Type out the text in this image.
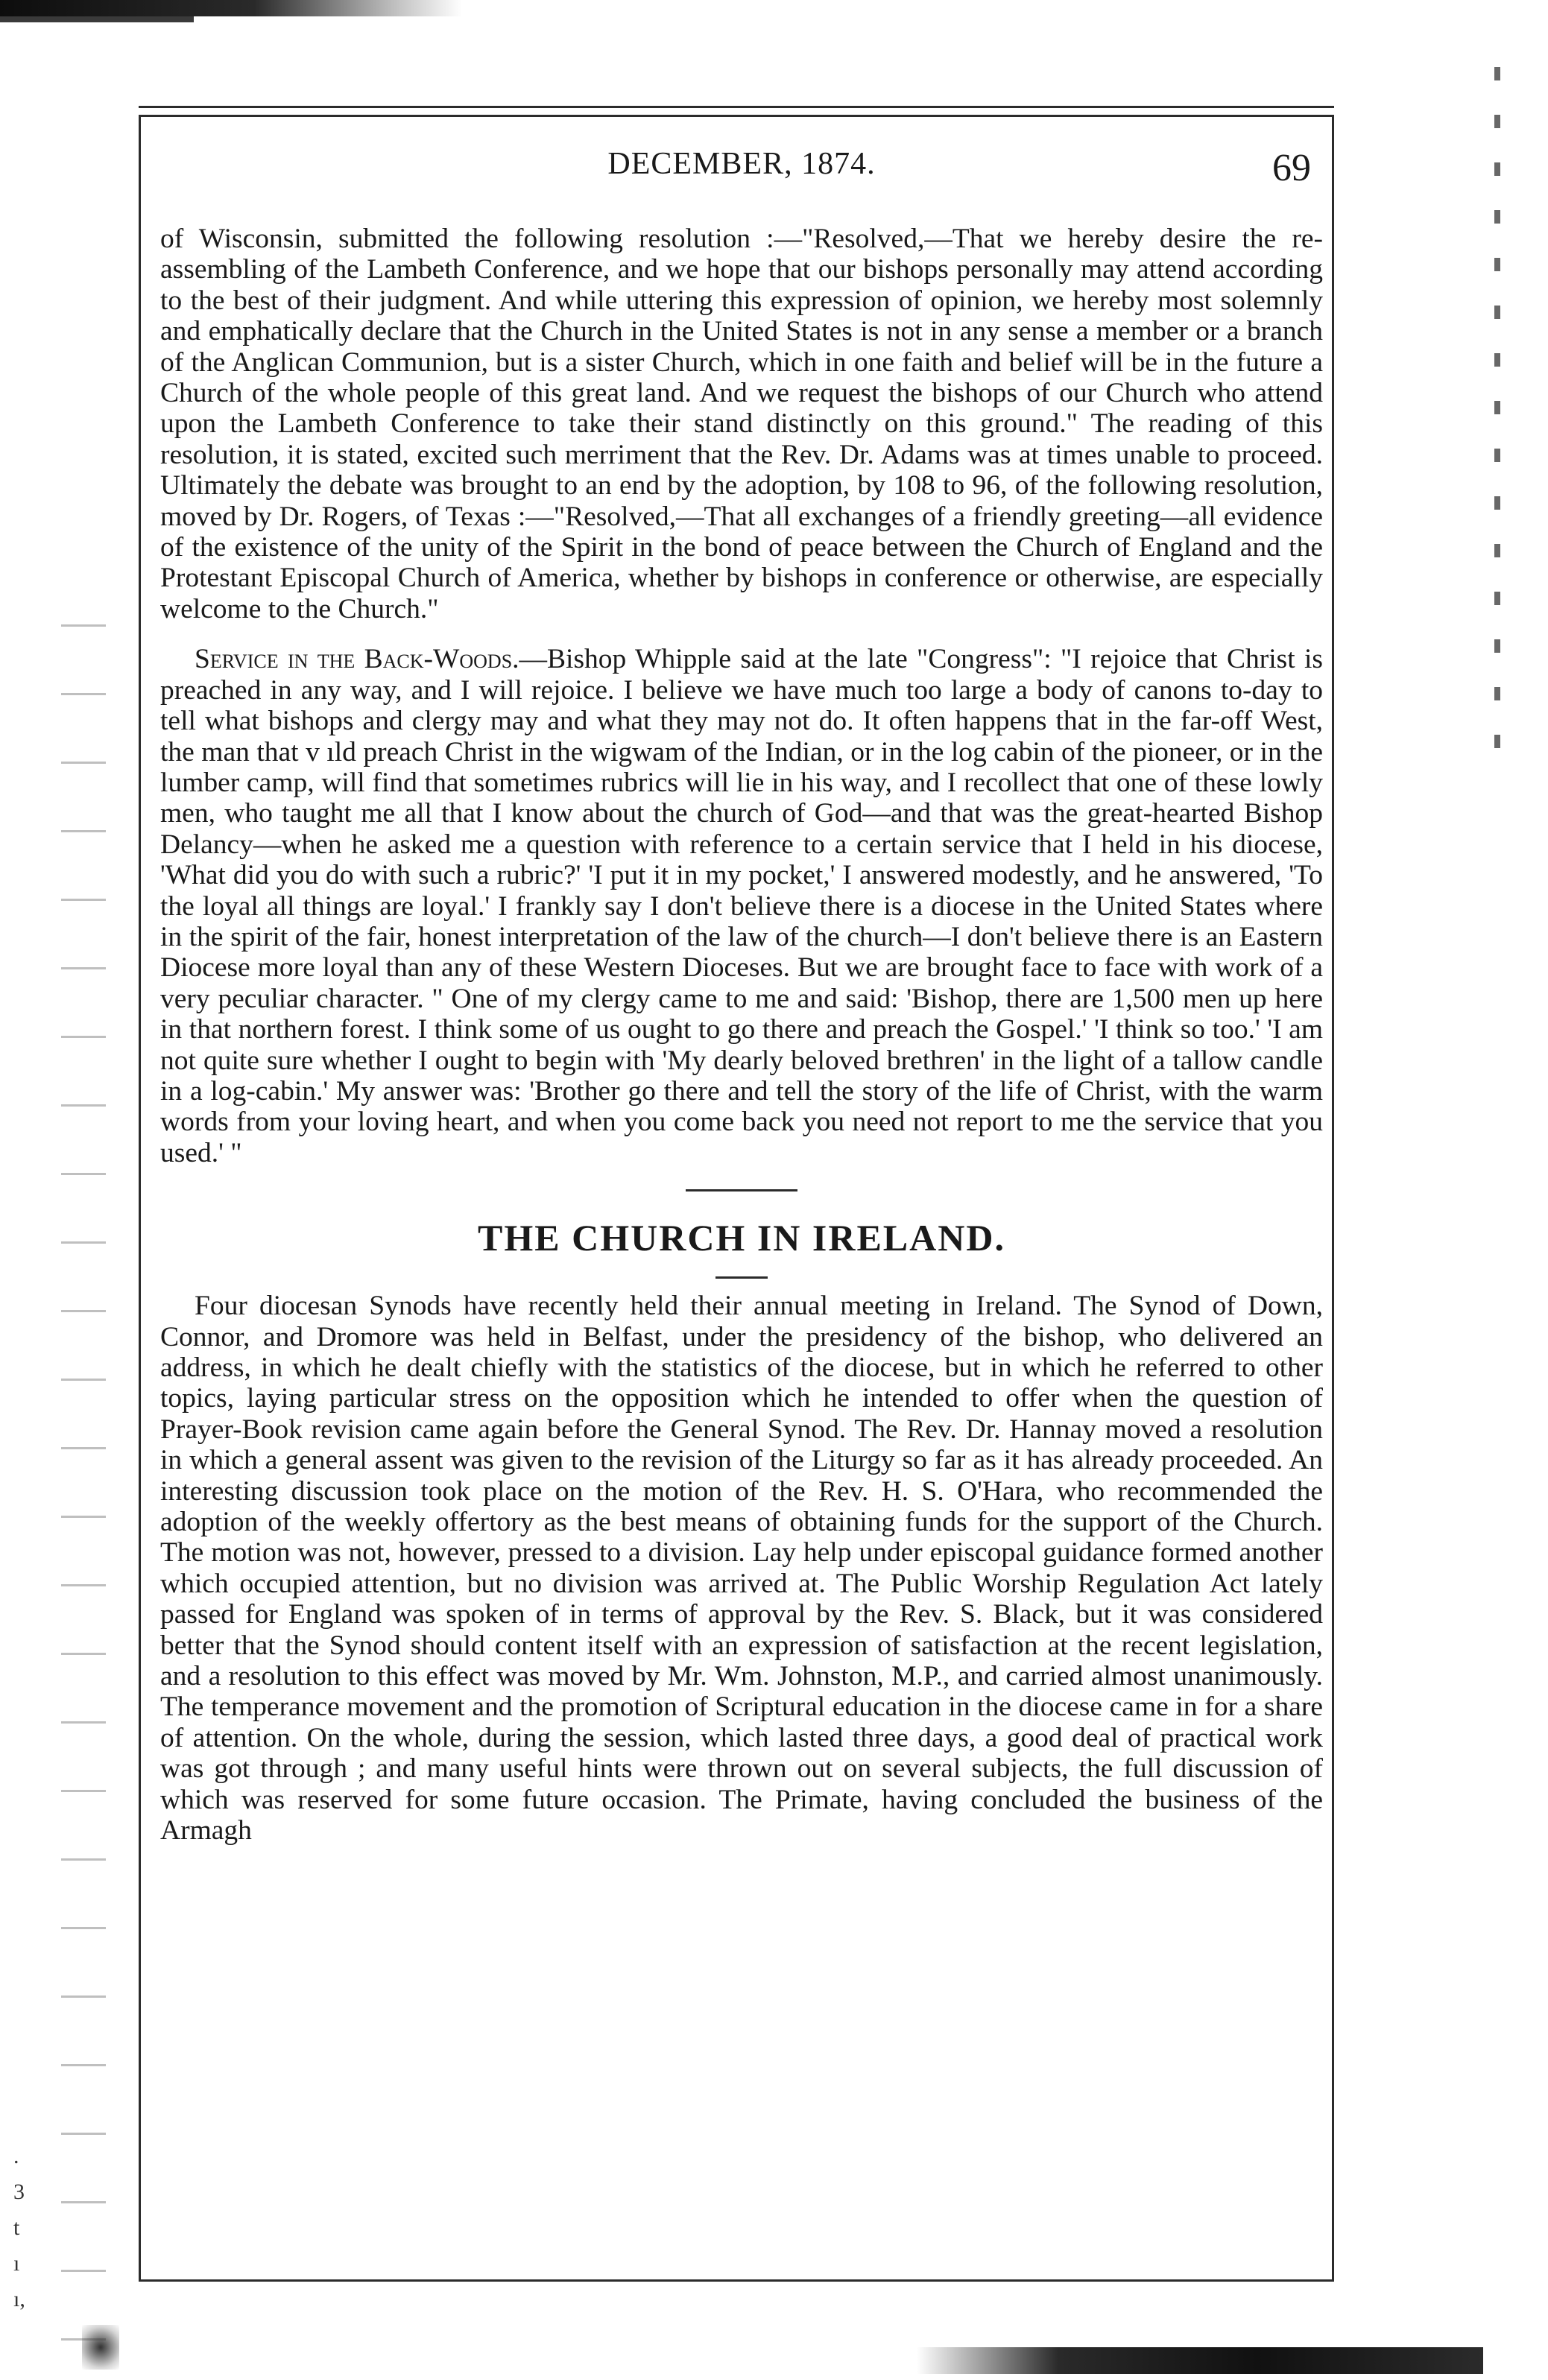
.
3
t
ı
ı,
DECEMBER, 1874.	69

of Wisconsin, submitted the following resolution :—"Resolved,—That we hereby desire the re-assembling of the Lambeth Conference, and we hope that our bishops personally may attend according to the best of their judgment. And while uttering this expression of opinion, we hereby most solemnly and emphatically declare that the Church in the United States is not in any sense a member or a branch of the Anglican Communion, but is a sister Church, which in one faith and belief will be in the future a Church of the whole people of this great land. And we request the bishops of our Church who attend upon the Lambeth Conference to take their stand distinctly on this ground." The reading of this resolution, it is stated, excited such merriment that the Rev. Dr. Adams was at times unable to proceed. Ultimately the debate was brought to an end by the adoption, by 108 to 96, of the following resolution, moved by Dr. Rogers, of Texas :—"Resolved,—That all exchanges of a friendly greeting—all evidence of the existence of the unity of the Spirit in the bond of peace between the Church of England and the Protestant Episcopal Church of America, whether by bishops in conference or otherwise, are especially welcome to the Church."

Service in the Back-Woods.—Bishop Whipple said at the late "Congress": "I rejoice that Christ is preached in any way, and I will rejoice. I believe we have much too large a body of canons to-day to tell what bishops and clergy may and what they may not do. It often happens that in the far-off West, the man that v ıld preach Christ in the wigwam of the Indian, or in the log cabin of the pioneer, or in the lumber camp, will find that sometimes rubrics will lie in his way, and I recollect that one of these lowly men, who taught me all that I know about the church of God—and that was the great-hearted Bishop Delancy—when he asked me a question with reference to a certain service that I held in his diocese, 'What did you do with such a rubric?' 'I put it in my pocket,' I answered modestly, and he answered, 'To the loyal all things are loyal.' I frankly say I don't believe there is a diocese in the United States where in the spirit of the fair, honest interpretation of the law of the church—I don't believe there is an Eastern Diocese more loyal than any of these Western Dioceses. But we are brought face to face with work of a very peculiar character. " One of my clergy came to me and said: 'Bishop, there are 1,500 men up here in that northern forest. I think some of us ought to go there and preach the Gospel.' 'I think so too.' 'I am not quite sure whether I ought to begin with 'My dearly beloved brethren' in the light of a tallow candle in a log-cabin.' My answer was: 'Brother go there and tell the story of the life of Christ, with the warm words from your loving heart, and when you come back you need not report to me the service that you used.' "

THE CHURCH IN IRELAND.

Four diocesan Synods have recently held their annual meeting in Ireland. The Synod of Down, Connor, and Dromore was held in Belfast, under the presidency of the bishop, who delivered an address, in which he dealt chiefly with the statistics of the diocese, but in which he referred to other topics, laying particular stress on the opposition which he intended to offer when the question of Prayer-Book revision came again before the General Synod. The Rev. Dr. Hannay moved a resolution in which a general assent was given to the revision of the Liturgy so far as it has already proceeded. An interesting discussion took place on the motion of the Rev. H. S. O'Hara, who recommended the adoption of the weekly offertory as the best means of obtaining funds for the support of the Church. The motion was not, however, pressed to a division. Lay help under episcopal guidance formed another which occupied attention, but no division was arrived at. The Public Worship Regulation Act lately passed for England was spoken of in terms of approval by the Rev. S. Black, but it was considered better that the Synod should content itself with an expression of satisfaction at the recent legislation, and a resolution to this effect was moved by Mr. Wm. Johnston, M.P., and carried almost unanimously. The temperance movement and the promotion of Scriptural education in the diocese came in for a share of attention. On the whole, during the session, which lasted three days, a good deal of practical work was got through ; and many useful hints were thrown out on several subjects, the full discussion of which was reserved for some future occasion. The Primate, having concluded the business of the Armagh
